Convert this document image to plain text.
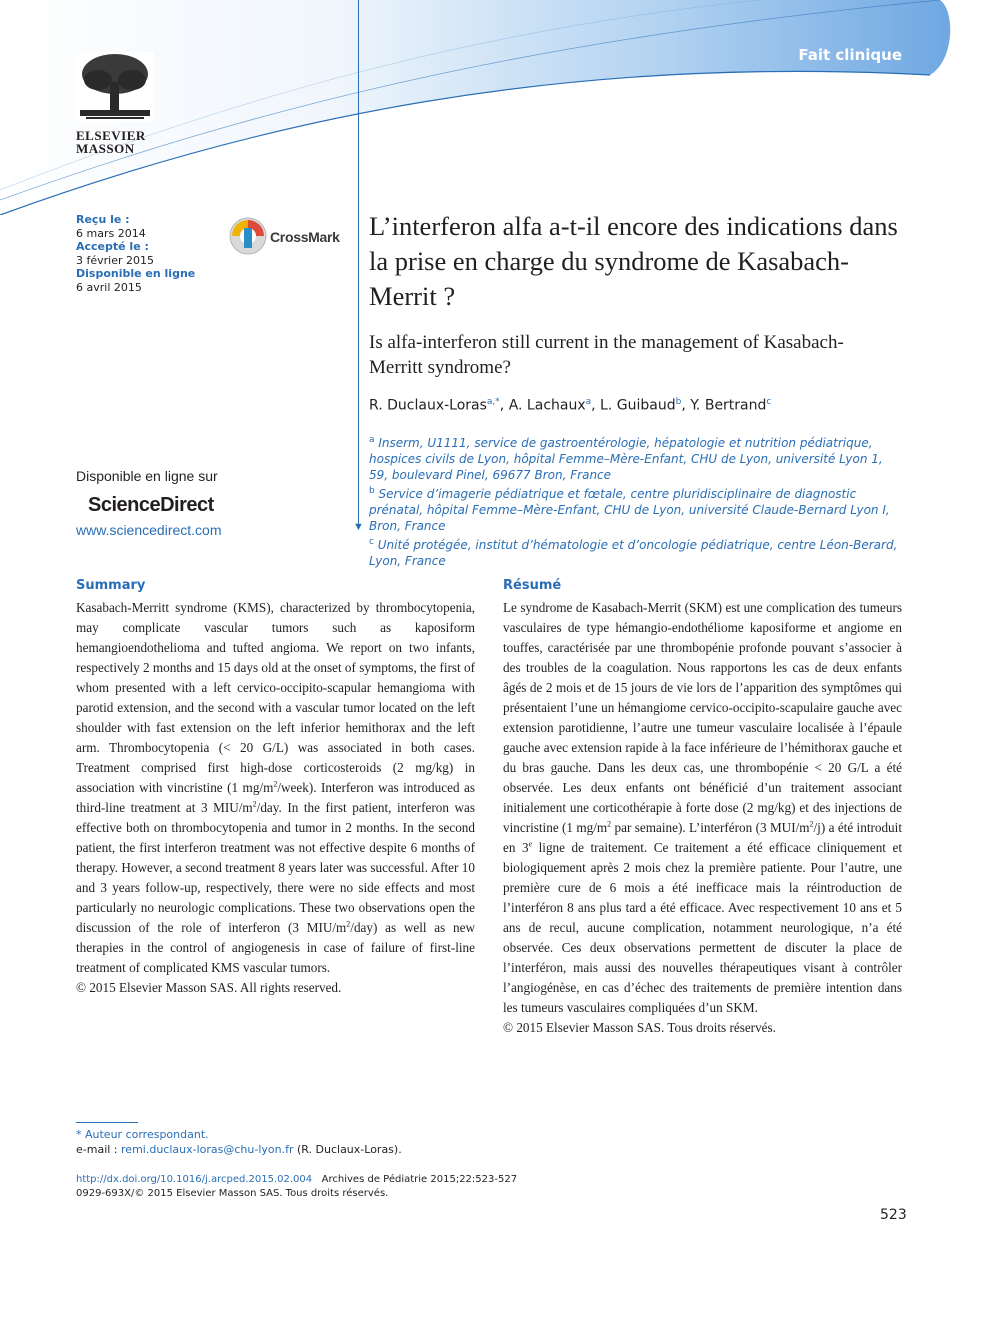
Fait clinique
ELSEVIER
MASSON
Reçu le :
6 mars 2014
Accepté le :
3 février 2015
Disponible en ligne
6 avril 2015
CrossMark L’interferon alfa a-t-il encore des indications dans la prise en charge du syndrome de Kasabach-Merrit ?
Is alfa-interferon still current in the management of Kasabach-Merritt syndrome?
R. Duclaux-Loras$^{a,*}$, A. Lachaux$^a$, L. Guibaud$^b$, Y. Bertrand$^c$
$^a$ Inserm, U1111, service de gastroentérologie, hépatologie et nutrition pédiatrique, hospices civils de Lyon, hôpital Femme–Mère-Enfant, CHU de Lyon, université Lyon 1, 59, boulevard Pinel, 69677 Bron, France
$^b$ Service d’imagerie pédiatrique et fœtale, centre pluridisciplinaire de diagnostic prénatal, hôpital Femme–Mère-Enfant, CHU de Lyon, université Claude-Bernard Lyon I, Bron, France
$^c$ Unité protégée, institut d’hématologie et d’oncologie pédiatrique, centre Léon-Berard, Lyon, France
Disponible en ligne sur
ScienceDirect
www.sciencedirect.com	▼
Summary

Kasabach-Merritt syndrome (KMS), characterized by thrombocytopenia, may complicate vascular tumors such as kaposiform hemangioendothelioma and tufted angioma. We report on two infants, respectively 2 months and 15 days old at the onset of symptoms, the first of whom presented with a left cervico-occipito-scapular hemangioma with parotid extension, and the second with a vascular tumor located on the left shoulder with fast extension on the left inferior hemithorax and the left arm. Thrombocytopenia (< 20 G/L) was associated in both cases. Treatment comprised first high-dose corticosteroids (2 mg/kg) in association with vincristine (1 $mg/m^2/week$). Interferon was introduced as third-line treatment at 3 MIU/$m^2$/day. In the first patient, interferon was effective both on thrombocytopenia and tumor in 2 months. In the second patient, the first interferon treatment was not effective despite 6 months of therapy. However, a second treatment 8 years later was successful. After 10 and 3 years follow-up, respectively, there were no side effects and most particularly no neurologic complications. These two observations open the discussion of the role of interferon (3 MIU/$m^2/day$) as well as new therapies in the control of angiogenesis in case of failure of first-line treatment of complicated KMS vascular tumors.

© 2015 Elsevier Masson SAS. All rights reserved.

Résumé

Le syndrome de Kasabach-Merrit (SKM) est une complication des tumeurs vasculaires de type hémangio-endothéliome kaposiforme et angiome en touffes, caractérisée par une thrombopénie profonde pouvant s’associer à des troubles de la coagulation. Nous rapportons les cas de deux enfants âgés de 2 mois et de 15 jours de vie lors de l’apparition des symptômes qui présentaient l’une un hémangiome cervico-occipito-scapulaire gauche avec extension parotidienne, l’autre une tumeur vasculaire localisée à l’épaule gauche avec extension rapide à la face inférieure de l’hémithorax gauche et du bras gauche. Dans les deux cas, une thrombopénie < 20 G/L a été observée. Les deux enfants ont bénéficié d’un traitement associant initialement une corticothérapie à forte dose (2 mg/kg) et des injections de vincristine (1 $mg/m^2$ par semaine). L’interféron (3 MUI/$m^2/j$) a été introduit en 3e ligne de traitement. Ce traitement a été efficace cliniquement et biologiquement après 2 mois chez la première patiente. Pour l’autre, une première cure de 6 mois a été inefficace mais la réintroduction de l’interféron 8 ans plus tard a été efficace. Avec respectivement 10 ans et 5 ans de recul, aucune complication, notamment neurologique, n’a été observée. Ces deux observations permettent de discuter la place de l’interféron, mais aussi des nouvelles thérapeutiques visant à contrôler l’angiogénèse, en cas d’échec des traitements de première intention dans les tumeurs vasculaires compliquées d’un SKM.

© 2015 Elsevier Masson SAS. Tous droits réservés.

* Auteur correspondant.
e-mail : remi.duclaux-loras@chu-lyon.fr (R. Duclaux-Loras).
http://dx.doi.org/10.1016/j.arcped.2015.02.004 Archives de Pédiatrie 2015;22:523-527
0929-693X/© 2015 Elsevier Masson SAS. Tous droits réservés.
523
